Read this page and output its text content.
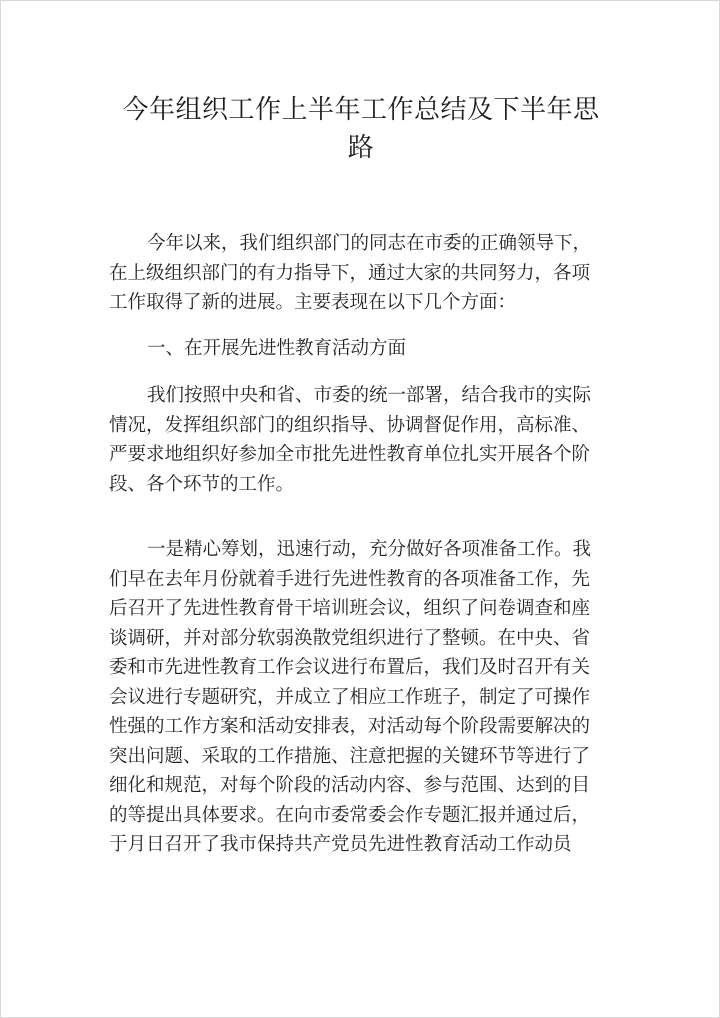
今年组织工作上半年工作总结及下半年思
路
今年以来，我们组织部门的同志在市委的正确领导下，
在上级组织部门的有力指导下，通过大家的共同努力，各项
工作取得了新的进展。主要表现在以下几个方面：
一、在开展先进性教育活动方面
我们按照中央和省、市委的统一部署，结合我市的实际
情况，发挥组织部门的组织指导、协调督促作用，高标准、
严要求地组织好参加全市批先进性教育单位扎实开展各个阶
段、各个环节的工作。
一是精心筹划，迅速行动，充分做好各项准备工作。我
们早在去年月份就着手进行先进性教育的各项准备工作，先
后召开了先进性教育骨干培训班会议，组织了问卷调查和座
谈调研，并对部分软弱涣散党组织进行了整顿。在中央、省
委和市先进性教育工作会议进行布置后，我们及时召开有关
会议进行专题研究，并成立了相应工作班子，制定了可操作
性强的工作方案和活动安排表，对活动每个阶段需要解决的
突出问题、采取的工作措施、注意把握的关键环节等进行了
细化和规范，对每个阶段的活动内容、参与范围、达到的目
的等提出具体要求。在向市委常委会作专题汇报并通过后，
于月日召开了我市保持共产党员先进性教育活动工作动员
